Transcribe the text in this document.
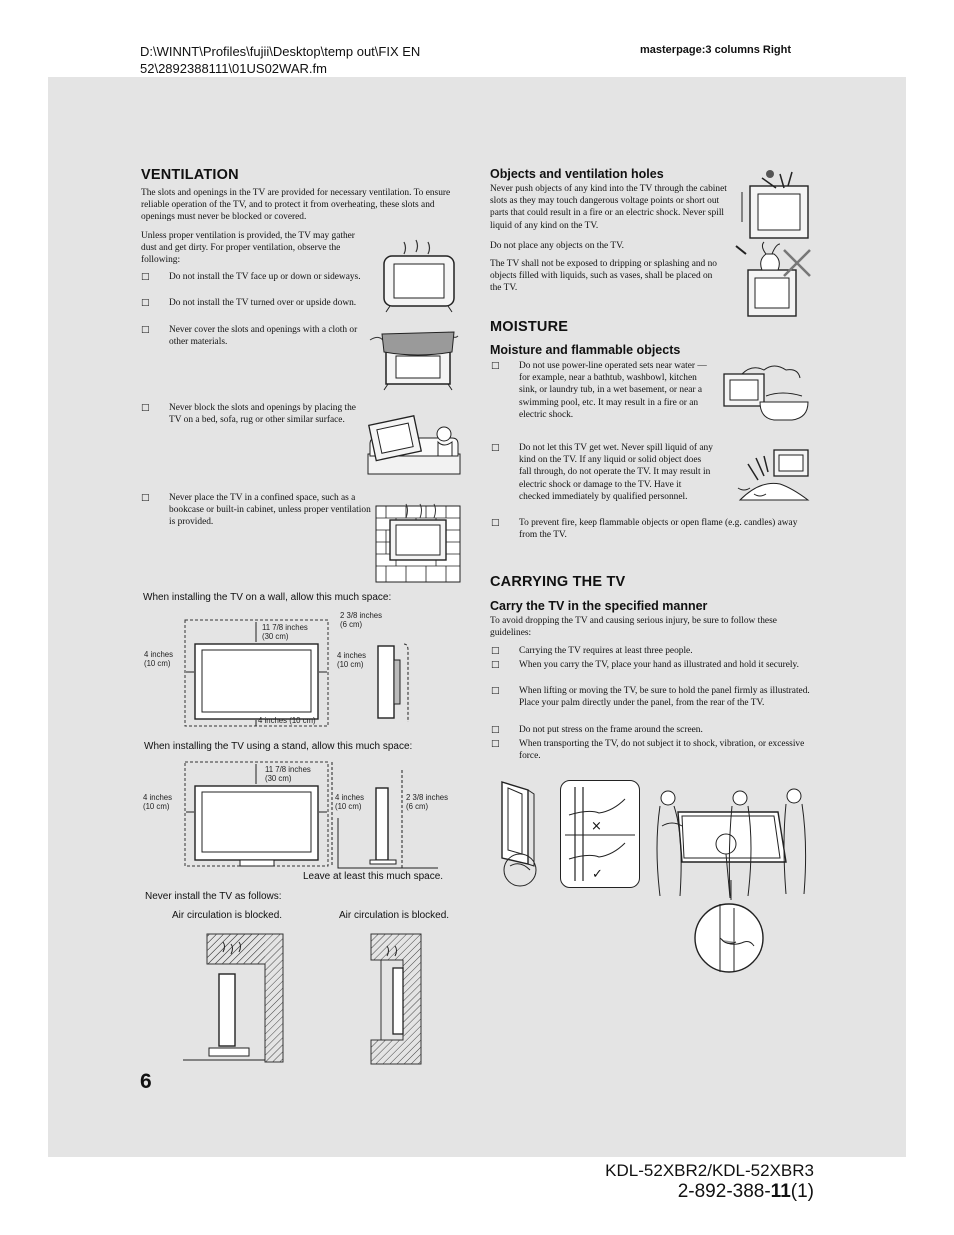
D:\WINNT\Profiles\fujii\Desktop\temp out\FIX EN
52\2892388111\01US02WAR.fm
masterpage:3 columns Right
VENTILATION
The slots and openings in the TV are provided for necessary ventilation. To ensure reliable operation of the TV, and to protect it from overheating, these slots and openings must never be blocked or covered.
Unless proper ventilation is provided, the TV may gather dust and get dirty. For proper ventilation, observe the following:
□ Do not install the TV face up or down or sideways.
□ Do not install the TV turned over or upside down.
□ Never cover the slots and openings with a cloth or other materials.
□ Never block the slots and openings by placing the TV on a bed, sofa, rug or other similar surface.
□ Never place the TV in a confined space, such as a bookcase or built-in cabinet, unless proper ventilation is provided.
When installing the TV on a wall, allow this much space:
11 7/8 inches
(30 cm)
2 3/8 inches
(6 cm)
4 inches
(10 cm)
4 inches
(10 cm)
4 inches (10 cm)
When installing the TV using a stand, allow this much space:
11 7/8 inches
(30 cm)
4 inches
(10 cm)
4 inches
(10 cm)
2 3/8 inches
(6 cm)
Leave at least this much space.
Never install the TV as follows:
Air circulation is blocked.	Air circulation is blocked.
Objects and ventilation holes
Never push objects of any kind into the TV through the cabinet slots as they may touch dangerous voltage points or short out parts that could result in a fire or an electric shock. Never spill liquid of any kind on the TV.
Do not place any objects on the TV.
The TV shall not be exposed to dripping or splashing and no objects filled with liquids, such as vases, shall be placed on the TV.
MOISTURE
Moisture and flammable objects
□ Do not use power-line operated sets near water — for example, near a bathtub, washbowl, kitchen sink, or laundry tub, in a wet basement, or near a swimming pool, etc. It may result in a fire or an electric shock.
□ Do not let this TV get wet. Never spill liquid of any kind on the TV. If any liquid or solid object does fall through, do not operate the TV. It may result in electric shock or damage to the TV. Have it checked immediately by qualified personnel.
□ To prevent fire, keep flammable objects or open flame (e.g. candles) away from the TV.
CARRYING THE TV
Carry the TV in the specified manner
To avoid dropping the TV and causing serious injury, be sure to follow these guidelines:
□ Carrying the TV requires at least three people.
□ When you carry the TV, place your hand as illustrated and hold it securely.
□ When lifting or moving the TV, be sure to hold the panel firmly as illustrated. Place your palm directly under the panel, from the rear of the TV.
□ Do not put stress on the frame around the screen.
□ When transporting the TV, do not subject it to shock, vibration, or excessive force.
×
✓
6
KDL-52XBR2/KDL-52XBR3
2-892-388-11(1)
